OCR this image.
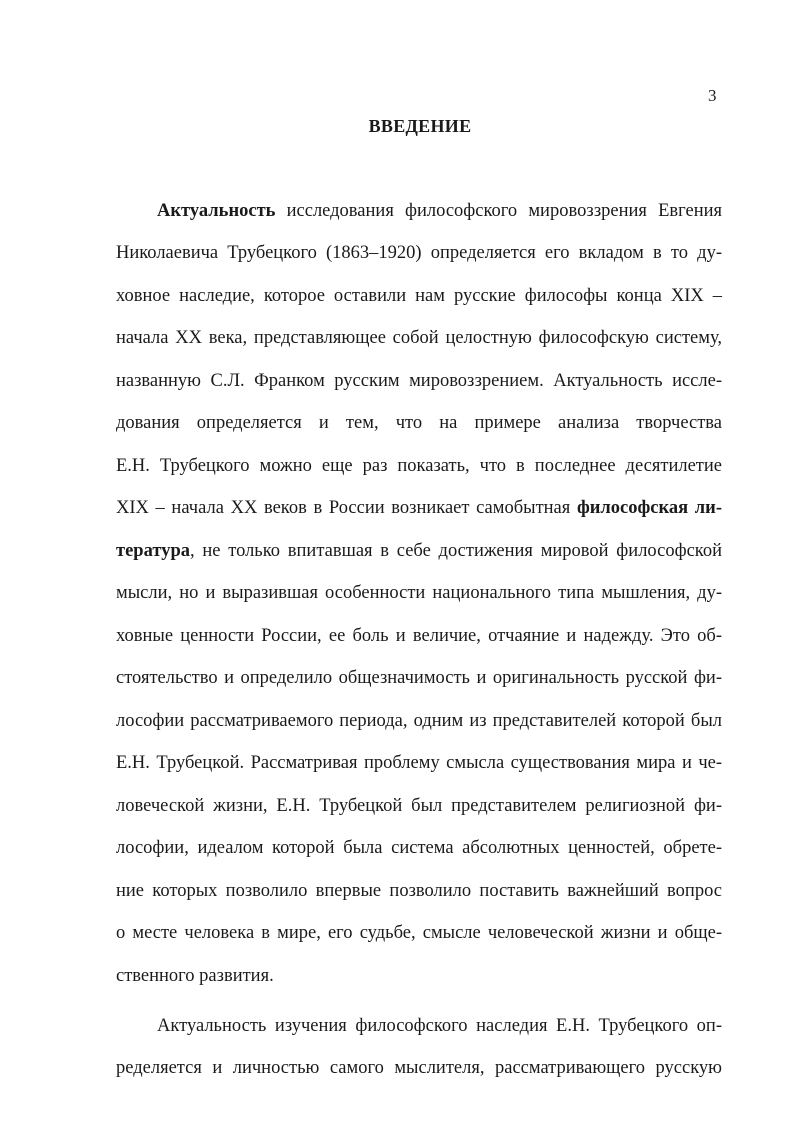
3
ВВЕДЕНИЕ
Актуальность исследования философского мировоззрения Евгения
Николаевича Трубецкого (1863–1920) определяется его вкладом в то ду-
ховное наследие, которое оставили нам русские философы конца XIX –
начала XX века, представляющее собой целостную философскую систему,
названную С.Л. Франком русским мировоззрением. Актуальность иссле-
дования определяется и тем, что на примере анализа творчества
Е.Н. Трубецкого можно еще раз показать, что в последнее десятилетие
XIX – начала XX веков в России возникает самобытная философская ли-
тература, не только впитавшая в себе достижения мировой философской
мысли, но и выразившая особенности национального типа мышления, ду-
ховные ценности России, ее боль и величие, отчаяние и надежду. Это об-
стоятельство и определило общезначимость и оригинальность русской фи-
лософии рассматриваемого периода, одним из представителей которой был
Е.Н. Трубецкой. Рассматривая проблему смысла существования мира и че-
ловеческой жизни, Е.Н. Трубецкой был представителем религиозной фи-
лософии, идеалом которой была система абсолютных ценностей, обрете-
ние которых позволило впервые позволило поставить важнейший вопрос
о месте человека в мире, его судьбе, смысле человеческой жизни и обще-
ственного развития.
Актуальность изучения философского наследия Е.Н. Трубецкого оп-
ределяется и личностью самого мыслителя, рассматривающего русскую
